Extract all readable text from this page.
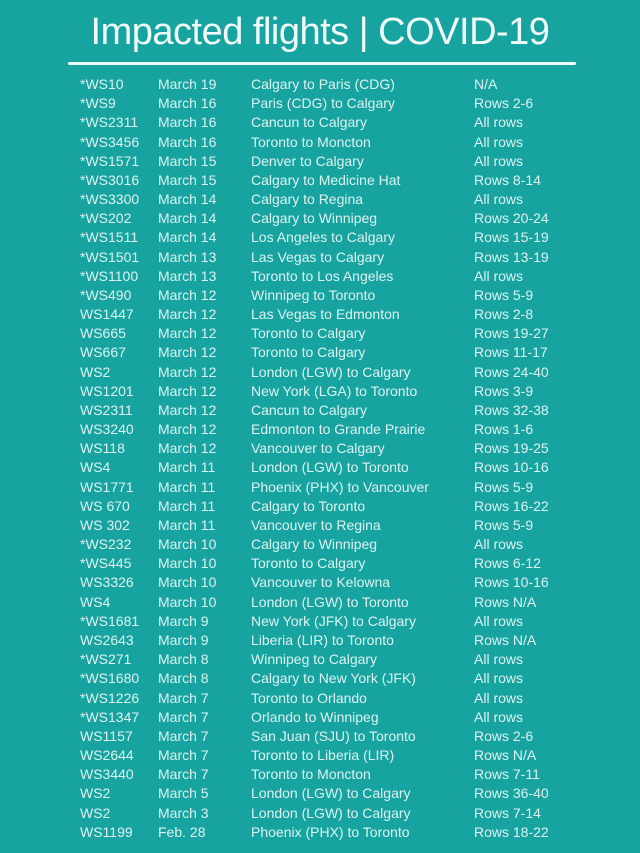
Impacted flights | COVID-19
*WS10 March 19 Calgary to Paris (CDG)	N/A
*WS9	March 16 Paris (CDG) to Calgary	Rows 2-6
*WS2311 March 16 Cancun to Calgary	All rows
*WS3456 March 16 Toronto to Moncton	All rows
*WS1571 March 15 Denver to Calgary	All rows
*WS3016 March 15 Calgary to Medicine Hat	Rows 8-14
*WS3300 March 14 Calgary to Regina	All rows
*WS202 March 14 Calgary to Winnipeg	Rows 20-24
*WS1511 March 14 Los Angeles to Calgary	Rows 15-19
*WS1501 March 13 Las Vegas to Calgary	Rows 13-19
*WS1100 March 13 Toronto to Los Angeles	All rows
*WS490 March 12 Winnipeg to Toronto	Rows 5-9
WS1447 March 12 Las Vegas to Edmonton	Rows 2-8
WS665 March 12 Toronto to Calgary	Rows 19-27
WS667 March 12 Toronto to Calgary	Rows 11-17
WS2	March 12 London (LGW) to Calgary	Rows 24-40
WS1201 March 12 New York (LGA) to Toronto	Rows 3-9
WS2311 March 12 Cancun to Calgary	Rows 32-38
WS3240 March 12 Edmonton to Grande Prairie	Rows 1-6
WS118 March 12 Vancouver to Calgary	Rows 19-25
WS4	March 11	London (LGW) to Toronto	Rows 10-16
WS1771 March 11	Phoenix (PHX) to Vancouver	Rows 5-9
WS 670 March 11	Calgary to Toronto	Rows 16-22
WS 302 March 11	Vancouver to Regina	Rows 5-9
*WS232 March 10 Calgary to Winnipeg	All rows
*WS445 March 10 Toronto to Calgary	Rows 6-12
WS3326 March 10 Vancouver to Kelowna	Rows 10-16
WS4	March 10 London (LGW) to Toronto	Rows N/A
*WS1681 March 9	New York (JFK) to Calgary	All rows
WS2643 March 9	Liberia (LIR) to Toronto	Rows N/A
*WS271 March 8	Winnipeg to Calgary	All rows
*WS1680 March 8	Calgary to New York (JFK)	All rows
*WS1226 March 7	Toronto to Orlando	All rows
*WS1347 March 7	Orlando to Winnipeg	All rows
WS1157 March 7	San Juan (SJU) to Toronto	Rows 2-6
WS2644 March 7	Toronto to Liberia (LIR)	Rows N/A
WS3440 March 7	Toronto to Moncton	Rows 7-11
WS2	March 5	London (LGW) to Calgary	Rows 36-40
WS2	March 3	London (LGW) to Calgary	Rows 7-14
WS1199 Feb. 28	Phoenix (PHX) to Toronto	Rows 18-22
